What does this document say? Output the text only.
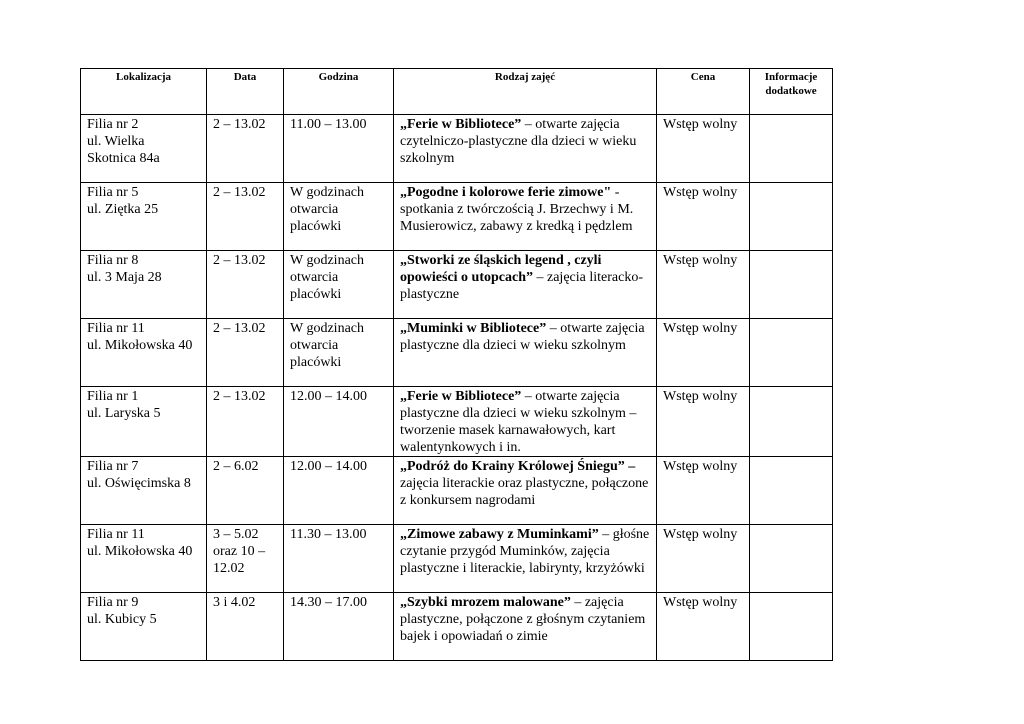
Lokalizacja	Data	Godzina	Rodzaj zajęć	Cena	Informacje dodatkowe
Filia nr 2
ul. Wielka
Skotnica 84a	2 – 13.02	11.00 – 13.00	„Ferie w Bibliotece” – otwarte zajęcia czytelniczo-plastyczne dla dzieci w wieku szkolnym	Wstęp wolny	
Filia nr 5
ul. Ziętka 25	2 – 13.02	W godzinach otwarcia placówki	„Pogodne i kolorowe ferie zimowe" - spotkania z twórczością J. Brzechwy i M. Musierowicz, zabawy z kredką i pędzlem	Wstęp wolny	
Filia nr 8
ul. 3 Maja 28	2 – 13.02	W godzinach otwarcia placówki	„Stworki ze śląskich legend , czyli opowieści o utopcach” – zajęcia literacko- plastyczne	Wstęp wolny	
Filia nr 11
ul. Mikołowska 40	2 – 13.02	W godzinach otwarcia placówki	„Muminki w Bibliotece” – otwarte zajęcia plastyczne dla dzieci w wieku szkolnym	Wstęp wolny	
Filia nr 1
ul. Laryska 5	2 – 13.02	12.00 – 14.00	„Ferie w Bibliotece” – otwarte zajęcia plastyczne dla dzieci w wieku szkolnym – tworzenie masek karnawałowych, kart walentynkowych i in.	Wstęp wolny	
Filia nr 7
ul. Oświęcimska 8	2 – 6.02	12.00 – 14.00	„Podróż do Krainy Królowej Śniegu” – zajęcia literackie oraz plastyczne, połączone z konkursem nagrodami	Wstęp wolny	
Filia nr 11
ul. Mikołowska 40	3 – 5.02
oraz 10 –
12.02	11.30 – 13.00	„Zimowe zabawy z Muminkami” – głośne czytanie przygód Muminków, zajęcia plastyczne i literackie, labirynty, krzyżówki	Wstęp wolny	
Filia nr 9
ul. Kubicy 5	3 i 4.02	14.30 – 17.00	„Szybki mrozem malowane” – zajęcia plastyczne, połączone z głośnym czytaniem bajek i opowiadań o zimie	Wstęp wolny	
